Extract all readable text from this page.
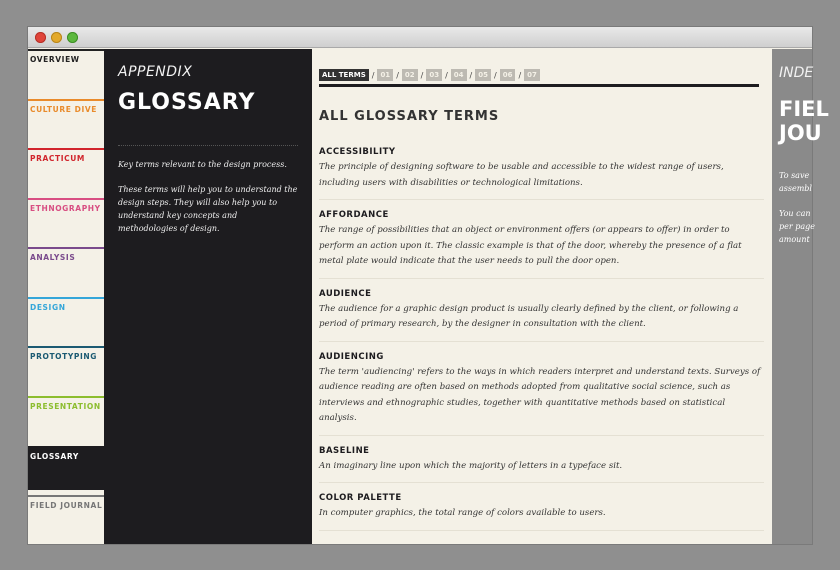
OVERVIEW
CULTURE DIVE
PRACTICUM
ETHNOGRAPHY
ANALYSIS
DESIGN
PROTOTYPING
PRESENTATION
GLOSSARY
FIELD JOURNAL
APPENDIX
GLOSSARY

Key terms relevant to the design process.

These terms will help you to understand the design steps. They will also help you to understand key concepts and methodologies of design.

ALL TERMS / 01 / 02 / 03 / 04 / 05 / 06 / 07
ALL GLOSSARY TERMS
ACCESSIBILITY

The principle of designing software to be usable and accessible to the widest range of users, including users with disabilities or technological limitations.

AFFORDANCE

The range of possibilities that an object or environment offers (or appears to offer) in order to perform an action upon it. The classic example is that of the door, whereby the presence of a flat metal plate would indicate that the user needs to pull the door open.

AUDIENCE

The audience for a graphic design product is usually clearly defined by the client, or following a period of primary research, by the designer in consultation with the client.

AUDIENCING

The term 'audiencing' refers to the ways in which readers interpret and understand texts. Surveys of audience reading are often based on methods adopted from qualitative social science, such as interviews and ethnographic studies, together with quantitative methods based on statistical analysis.

BASELINE

An imaginary line upon which the majority of letters in a typeface sit.

COLOR PALETTE

In computer graphics, the total range of colors available to users.

INDE
FIEL
JOU
To save
assembl
You can
per page
amount
